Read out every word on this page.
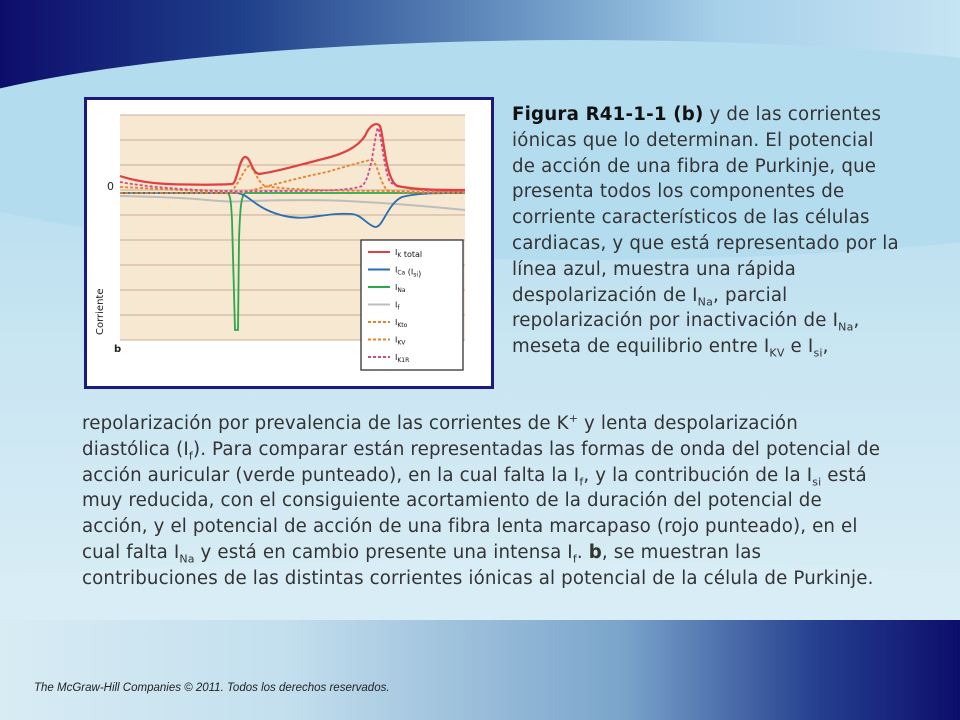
0
Corriente
b
$I_K$ total
$I_{Ca}$ $(I_{si})$
$I_{Na}$
$I_f$
$I_{Kto}$
$I_{KV}$
$I_{K1R}$
Figura R41-1-1 (b) y de las corrientes iónicas que lo determinan. El potencial de acción de una fibra de Purkinje, que presenta todos los componentes de corriente característicos de las células cardiacas, y que está representado por la línea azul, muestra una rápida despolarización de $I_{Na}$, parcial repolarización por inactivación de $I_{Na}$, meseta de equilibrio entre $I_{KV}$ e $I_{si}$,
repolarización por prevalencia de las corrientes de K+ y lenta despolarización diastólica $(I_f)$. Para comparar están representadas las formas de onda del potencial de acción auricular (verde punteado), en la cual falta la $I_f$, y la contribución de la $I_{si}$ está muy reducida, con el consiguiente acortamiento de la duración del potencial de acción, y el potencial de acción de una fibra lenta marcapaso (rojo punteado), en el cual falta $I_{Na}$ y está en cambio presente una intensa $I_f$. b, se muestran las contribuciones de las distintas corrientes iónicas al potencial de la célula de Purkinje.
The McGraw-Hill Companies © 2011. Todos los derechos reservados.
